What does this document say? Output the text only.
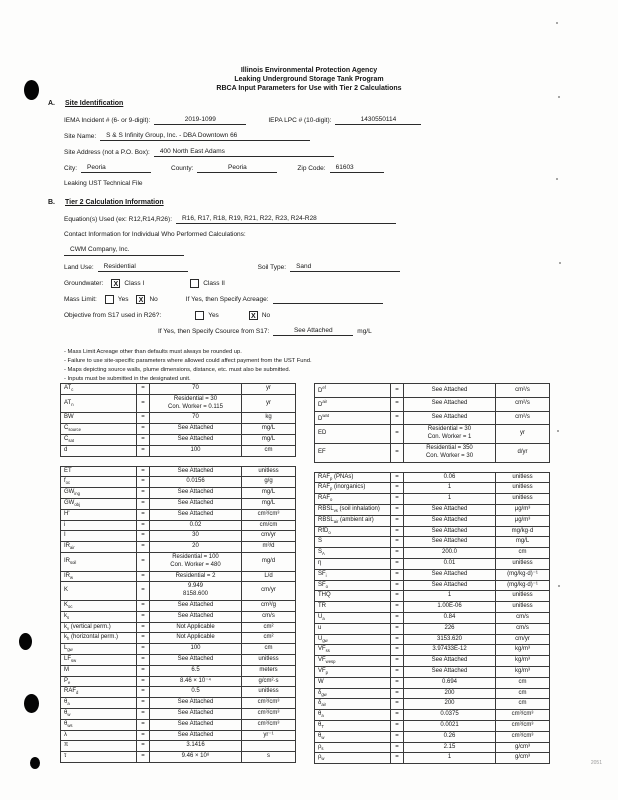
Illinois Environmental Protection Agency
Leaking Underground Storage Tank Program
RBCA Input Parameters for Use with Tier 2 Calculations
A. Site Identification
IEMA Incident # (6- or 9-digit):	2019-1099	IEPA LPC # (10-digit):	1430550114
Site Name:	S & S Infinity Group, Inc. - DBA Downtown 66
Site Address (not a P.O. Box):	400 North East Adams
City:	Peoria	County:	Peoria	Zip Code:	61603
Leaking UST Technical File
B. Tier 2 Calculation Information
Equation(s) Used (ex: R12,R14,R26):	R16, R17, R18, R19, R21, R22, R23, R24-R28
Contact Information for Individual Who Performed Calculations:
CWM Company, Inc.
Land Use:	Residential	Soil Type:	Sand
Groundwater:	X Class I	Class II
Mass Limit:	Yes	X No	If Yes, then Specify Acreage:
Objective from S17 used in R26?:	Yes	X No
If Yes, then Specify Csource from S17:	See Attached	mg/L
- Mass Limit Acreage other than defaults must always be rounded up.
- Failure to use site-specific parameters where allowed could affect payment from the UST Fund.
- Maps depicting source walls, plume dimensions, distance, etc. must also be submitted.
- Inputs must be submitted in the designated unit.
$AT_c$	=	70	yr
$AT_n$	=	Residential = 30
Con. Worker = 0.115	yr
BW	=	70	kg
$C_{source}$	=	See Attached	mg/L
$C_{sat}$	=	See Attached	mg/L
d	=	100	cm
ET	=	See Attached	unitless
$f_{oc}$	=	0.0156	g/g
$GW_{ing}$	=	See Attached	mg/L
$GW_{obj}$	=	See Attached	mg/L
H'	=	See Attached	cm³/cm³
i	=	0.02	cm/cm
I	=	30	cm/yr
$IR_{air}$	=	20	m³/d
$IR_{soil}$	=	Residential = 100
Con. Worker = 480	mg/d
$IR_w$	=	Residential = 2	L/d
K	=	9.949
8158.600	cm/yr
$K_{oc}$	=	See Attached	cm³/g
$k_s$	=	See Attached	cm/s
$k_v$ (vertical perm.)	=	Not Applicable	cm²
$k_h$ (horizontal perm.)	=	Not Applicable	cm²
$L_{gw}$	=	100	cm
$LF_{sw}$	=	See Attached	unitless
M	=	6.5	meters
$P_e$	=	8.46 × 10⁻⁴	g/cm²·s
$RAF_d$	=	0.5	unitless
$\theta_a$	=	See Attached	cm³/cm³
$\theta_w$	=	See Attached	cm³/cm³
$\theta_{ws}$	=	See Attached	cm³/cm³
λ	=	See Attached	yr⁻¹
π	=	3.1416	
τ	=	9.46 × 10⁸	s
$D^{ef}$	=	See Attached	cm²/s
$D^{air}$	=	See Attached	cm²/s
$D^{wat}$	=	See Attached	cm²/s
ED	=	Residential = 30
Con. Worker = 1	yr
EF	=	Residential = 350
Con. Worker = 30	d/yr
$RAF_p$ (PNAs)	=	0.06	unitless
$RAF_p$ (inorganics)	=	1	unitless
$RAF_o$	=	1	unitless
$RBSL_{vs}$ (soil inhalation)	=	See Attached	μg/m³
$RBSL_{air}$ (ambient air)	=	See Attached	μg/m³
RfD$_o$	=	See Attached	mg/kg·d
S	=	See Attached	mg/L
$S_A$	=	200.0	cm
η	=	0.01	unitless
$SF_i$	=	See Attached	(mg/kg·d)⁻¹
$SF_o$	=	See Attached	(mg/kg·d)⁻¹
THQ	=	1	unitless
TR	=	1.00E-06	unitless
$U_a$	=	0.84	cm/s
u	=	226	cm/s
$U_{gw}$	=	3153.620	cm/yr
$VF_{ss}$	=	3.97433E-12	kg/m³
$VF_{wesp}$	=	See Attached	kg/m³
$VF_p$	=	See Attached	kg/m³
W	=	0.694	cm
$\delta_{gw}$	=	200	cm
$\delta_{air}$	=	200	cm
$\theta_a$	=	0.0375	cm³/cm³
$\theta_T$	=	0.0021	cm³/cm³
$\theta_w$	=	0.26	cm³/cm³
$\rho_s$	=	2.15	g/cm³
$\rho_w$	=	1	g/cm³
2051
